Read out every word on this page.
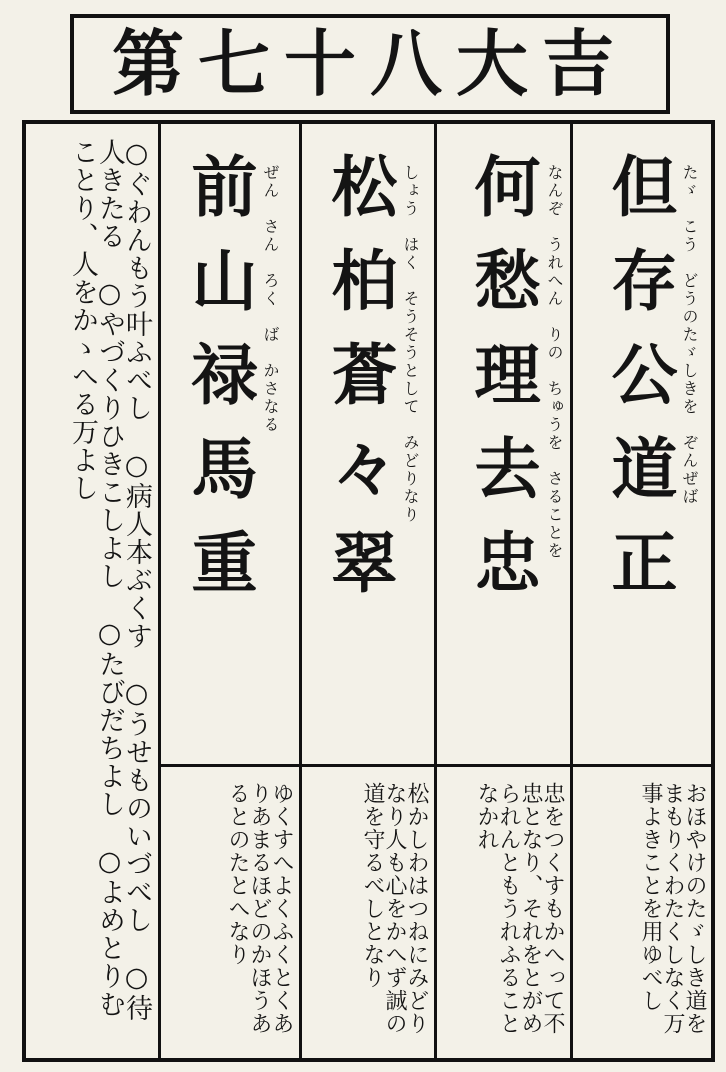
第七十八大吉
但存公道正 たゞ　こう　どうのたゞしきを　ぞんぜば
何愁理去忠 なんぞ　うれへん　りの　ちゅうを　さることを
松柏蒼々翠 しょう　はく　そうそうとして　みどりなり
前山禄馬重 ぜん　さん　ろく　ば　かさなる
おほやけのたゞしき道をまもりくわたくしなく万事よきことを用ゆべし
忠をつくすもかへって不忠となり、それをとがめられんともうれふることなかれ
松かしわはつねにみどりなり人も心をかへず誠の道を守るべしとなり
ゆくすへよくふくとくありあまるほどのかほうあるとのたとへなり
○ぐわんもう叶ふべし　○病人本ぶくす　○うせものいづべし　○待人きたる　○やづくりひきこしよし　○たびだちよし　○よめとりむことり、人をかゝへる万よし
